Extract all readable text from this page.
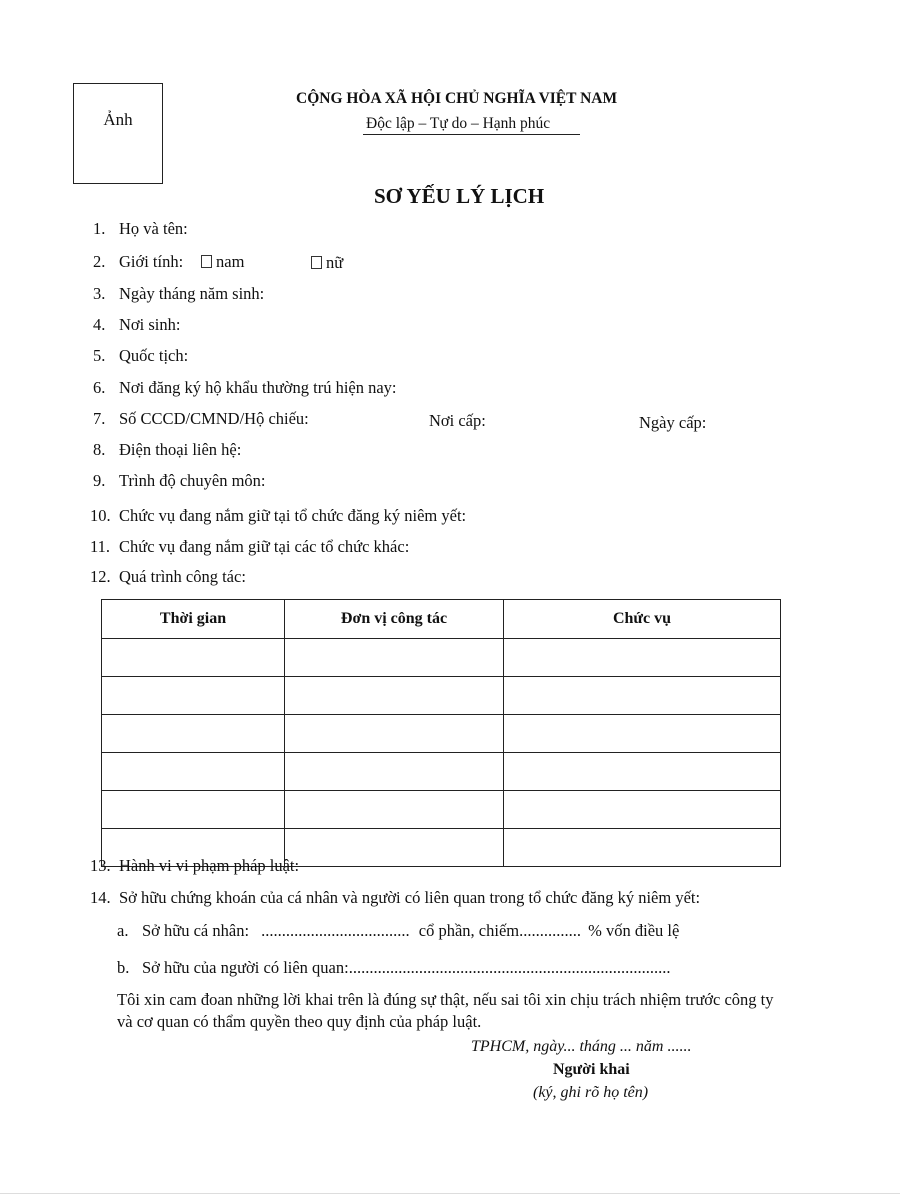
Ảnh
CỘNG HÒA XÃ HỘI CHỦ NGHĨA VIỆT NAM
Độc lập – Tự do – Hạnh phúc
SƠ YẾU LÝ LỊCH
1. Họ và tên:
2. Giới tính:	nam	nữ
3. Ngày tháng năm sinh:
4. Nơi sinh:
5. Quốc tịch:
6. Nơi đăng ký hộ khẩu thường trú hiện nay:
7. Số CCCD/CMND/Hộ chiếu:	Nơi cấp:	Ngày cấp:
8. Điện thoại liên hệ:
9. Trình độ chuyên môn:
10. Chức vụ đang nắm giữ tại tổ chức đăng ký niêm yết:
11. Chức vụ đang nắm giữ tại các tổ chức khác:
12. Quá trình công tác:
Thời gian	Đơn vị công tác	Chức vụ

13. Hành vi vi phạm pháp luật:
14. Sở hữu chứng khoán của cá nhân và người có liên quan trong tổ chức đăng ký niêm yết:
a. Sở hữu cá nhân: .................................... cổ phần, chiếm............... % vốn điều lệ
b. Sở hữu của người có liên quan:..............................................................................
Tôi xin cam đoan những lời khai trên là đúng sự thật, nếu sai tôi xin chịu trách nhiệm trước công ty
và cơ quan có thẩm quyền theo quy định của pháp luật.
TPHCM, ngày... tháng ... năm ......
Người khai
(ký, ghi rõ họ tên)
